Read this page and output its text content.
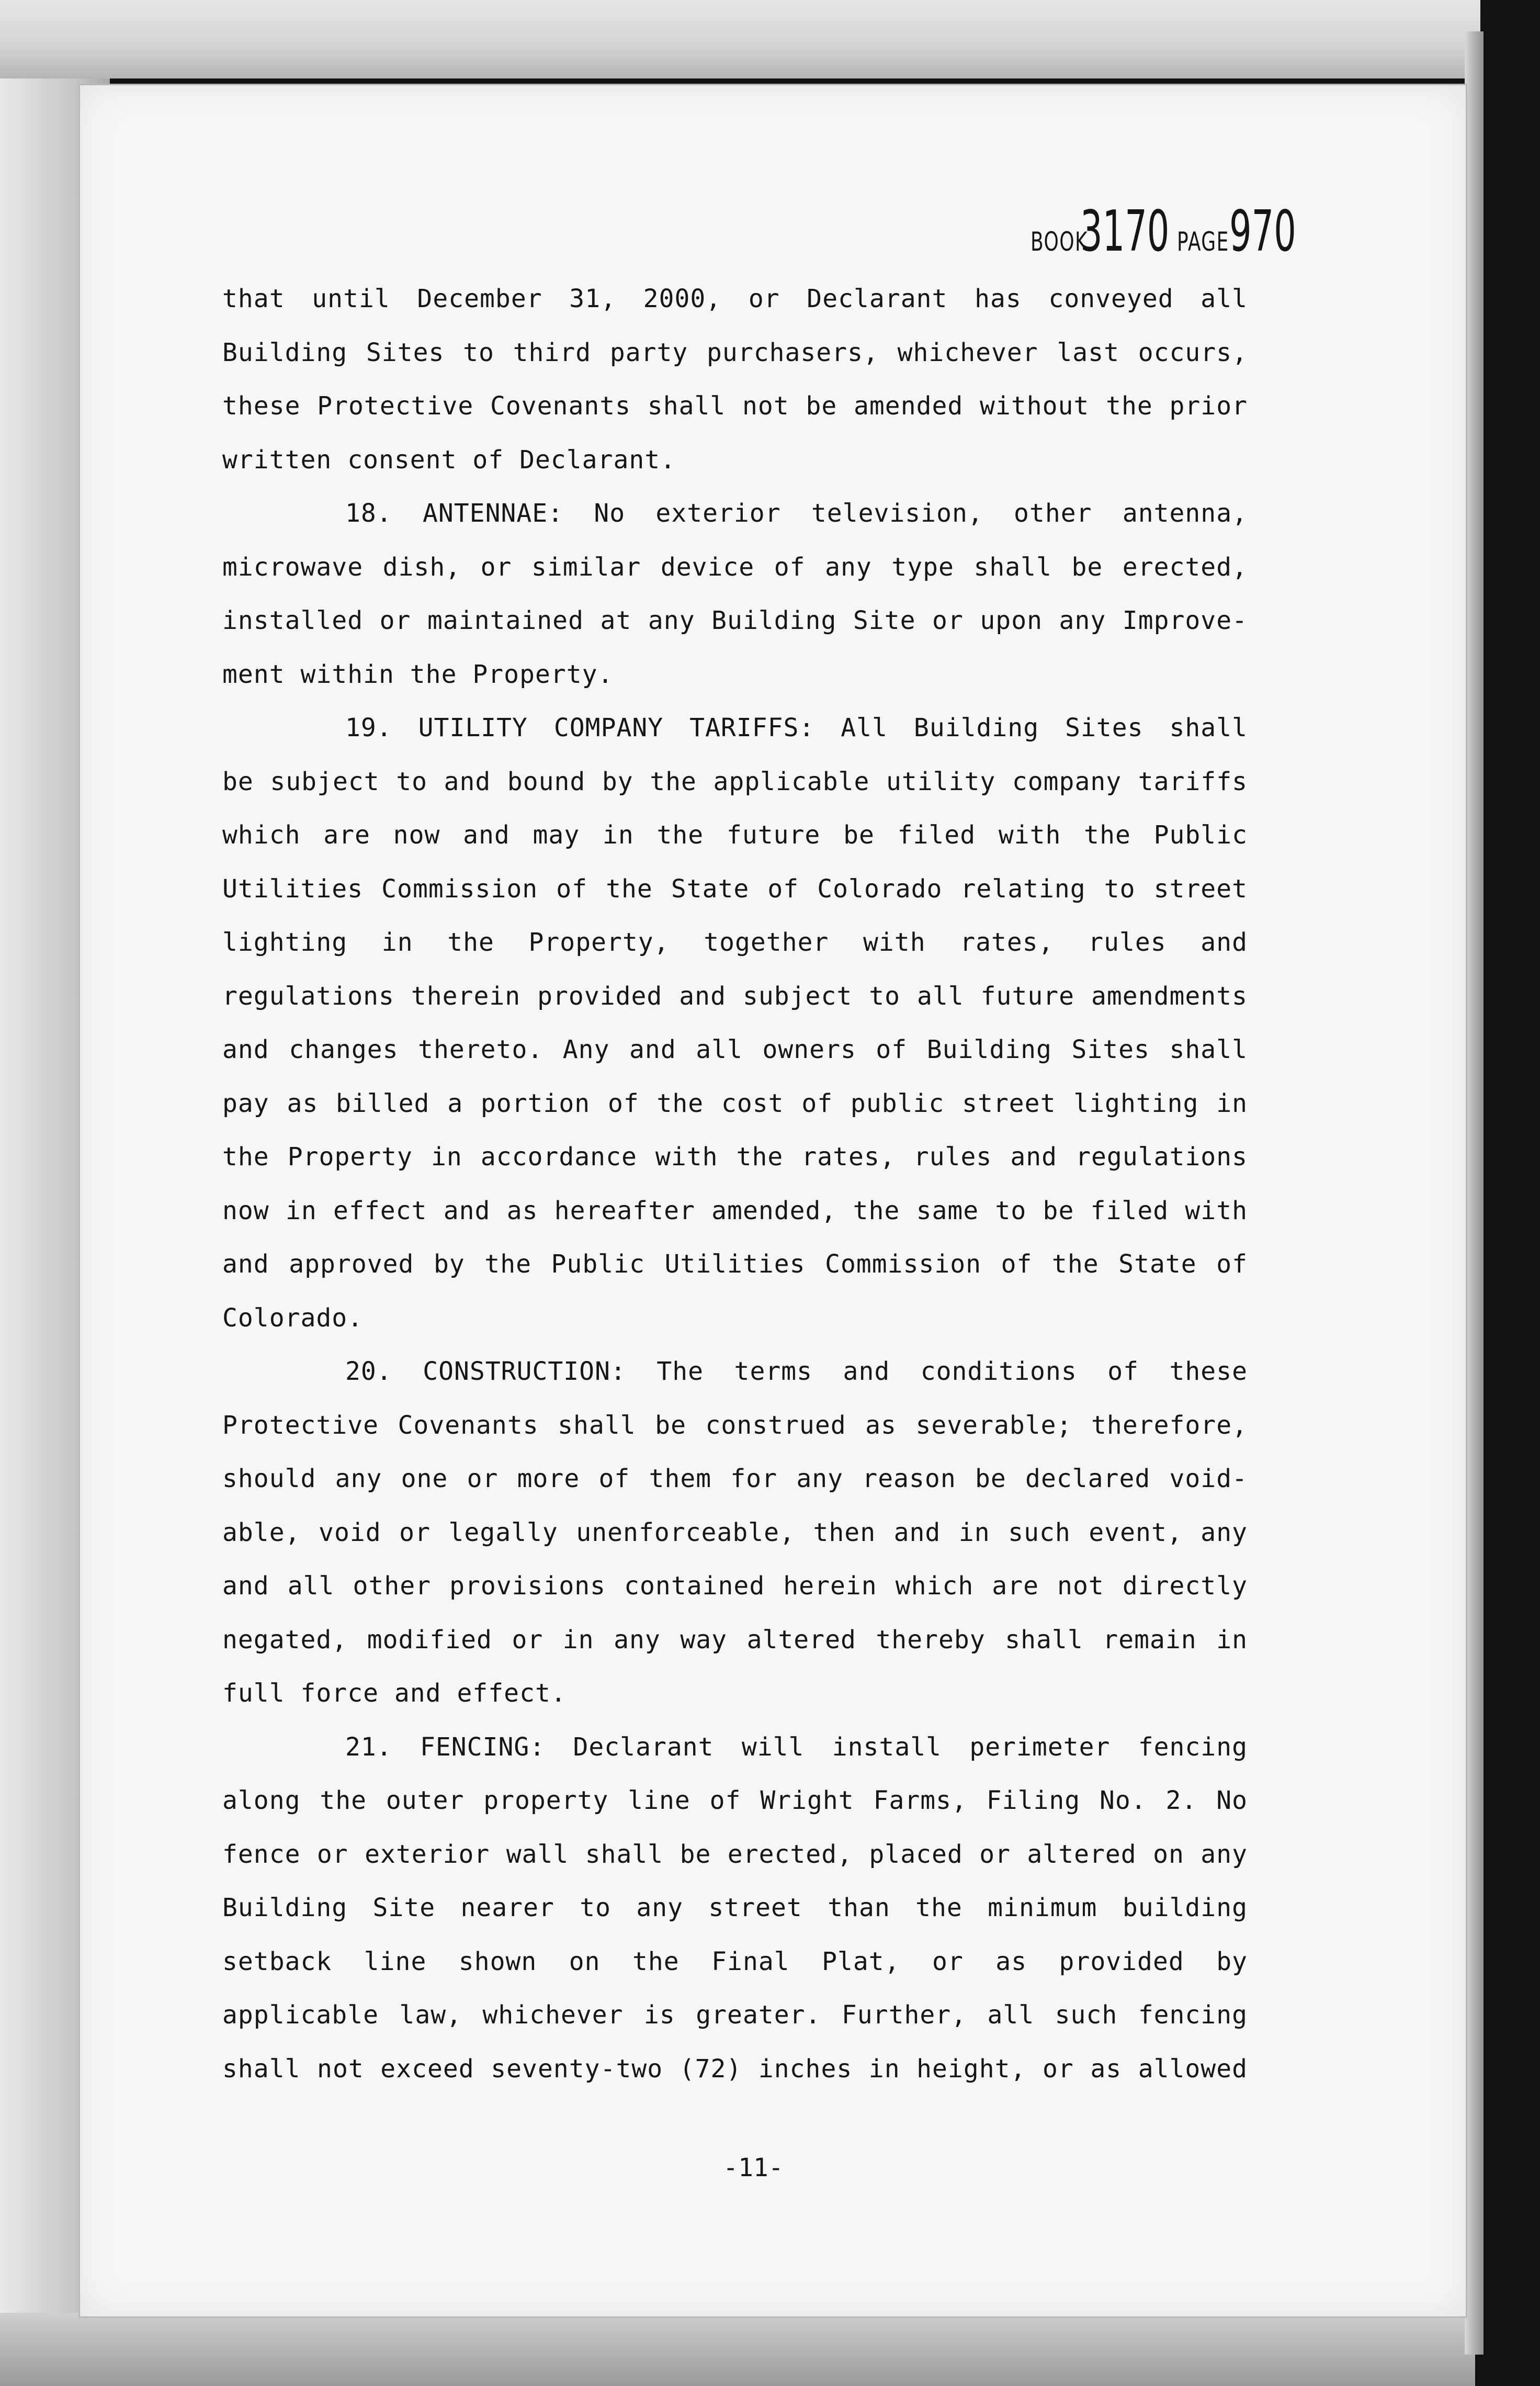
BOOK3170 PAGE970
that until December 31, 2000, or Declarant has conveyed all
Building Sites to third party purchasers, whichever last occurs,
these Protective Covenants shall not be amended without the prior
written consent of Declarant.
18. ANTENNAE: No exterior television, other antenna,
microwave dish, or similar device of any type shall be erected,
installed or maintained at any Building Site or upon any Improve-
ment within the Property.
19. UTILITY COMPANY TARIFFS: All Building Sites shall
be subject to and bound by the applicable utility company tariffs
which are now and may in the future be filed with the Public
Utilities Commission of the State of Colorado relating to street
lighting in the Property, together with rates, rules and
regulations therein provided and subject to all future amendments
and changes thereto. Any and all owners of Building Sites shall
pay as billed a portion of the cost of public street lighting in
the Property in accordance with the rates, rules and regulations
now in effect and as hereafter amended, the same to be filed with
and approved by the Public Utilities Commission of the State of
Colorado.
20. CONSTRUCTION: The terms and conditions of these
Protective Covenants shall be construed as severable; therefore,
should any one or more of them for any reason be declared void-
able, void or legally unenforceable, then and in such event, any
and all other provisions contained herein which are not directly
negated, modified or in any way altered thereby shall remain in
full force and effect.
21. FENCING: Declarant will install perimeter fencing
along the outer property line of Wright Farms, Filing No. 2. No
fence or exterior wall shall be erected, placed or altered on any
Building Site nearer to any street than the minimum building
setback line shown on the Final Plat, or as provided by
applicable law, whichever is greater. Further, all such fencing
shall not exceed seventy-two (72) inches in height, or as allowed
-11-
